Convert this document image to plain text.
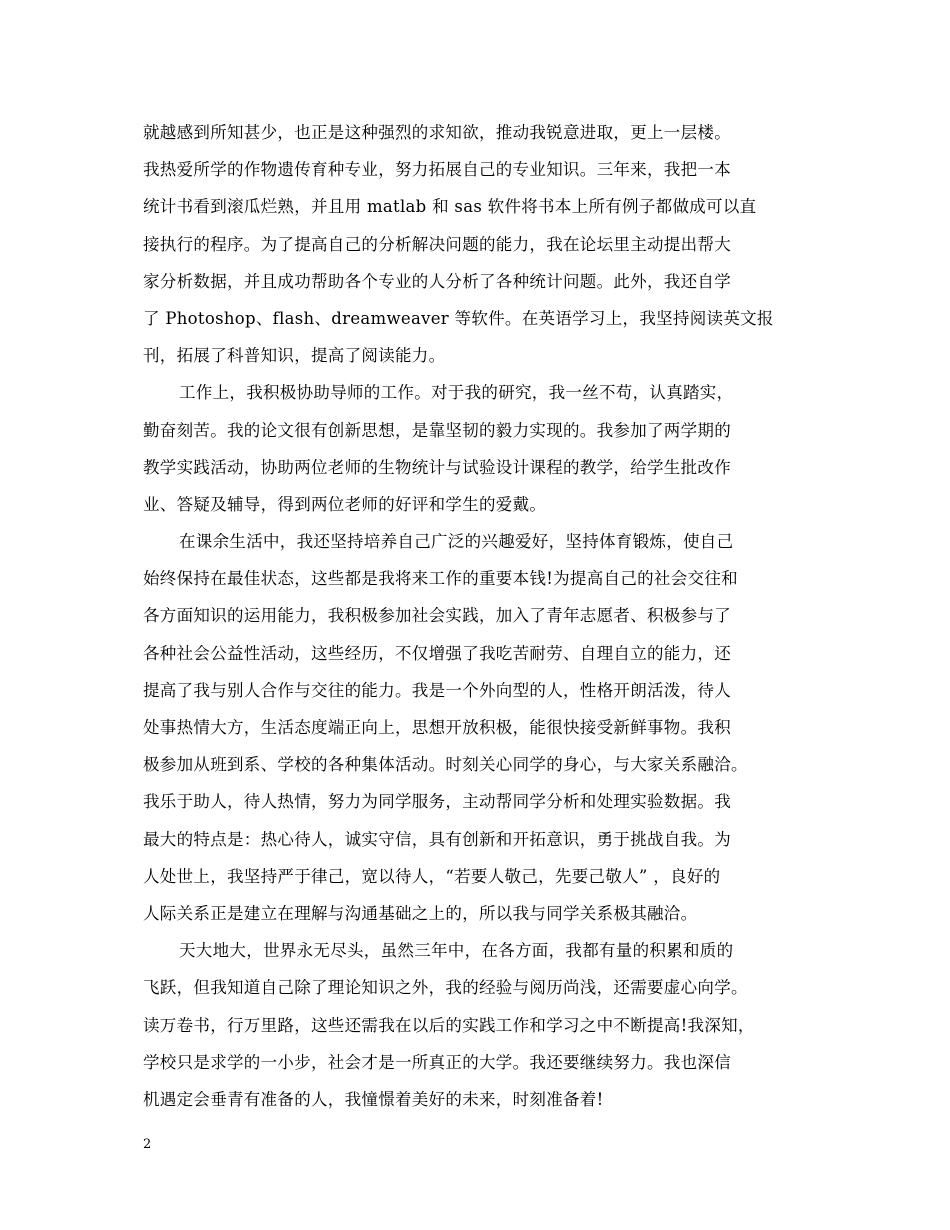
就越感到所知甚少，也正是这种强烈的求知欲，推动我锐意进取，更上一层楼。
我热爱所学的作物遗传育种专业，努力拓展自己的专业知识。三年来，我把一本
统计书看到滚瓜烂熟，并且用 matlab 和 sas 软件将书本上所有例子都做成可以直
接执行的程序。为了提高自己的分析解决问题的能力，我在论坛里主动提出帮大
家分析数据，并且成功帮助各个专业的人分析了各种统计问题。此外，我还自学
了 Photoshop、flash、dreamweaver 等软件。在英语学习上，我坚持阅读英文报
刊，拓展了科普知识，提高了阅读能力。
工作上，我积极协助导师的工作。对于我的研究，我一丝不苟，认真踏实，
勤奋刻苦。我的论文很有创新思想，是靠坚韧的毅力实现的。我参加了两学期的
教学实践活动，协助两位老师的生物统计与试验设计课程的教学，给学生批改作
业、答疑及辅导，得到两位老师的好评和学生的爱戴。
在课余生活中，我还坚持培养自己广泛的兴趣爱好，坚持体育锻炼，使自己
始终保持在最佳状态，这些都是我将来工作的重要本钱!为提高自己的社会交往和
各方面知识的运用能力，我积极参加社会实践，加入了青年志愿者、积极参与了
各种社会公益性活动，这些经历，不仅增强了我吃苦耐劳、自理自立的能力，还
提高了我与别人合作与交往的能力。我是一个外向型的人，性格开朗活泼，待人
处事热情大方，生活态度端正向上，思想开放积极，能很快接受新鲜事物。我积
极参加从班到系、学校的各种集体活动。时刻关心同学的身心，与大家关系融洽。
我乐于助人，待人热情，努力为同学服务，主动帮同学分析和处理实验数据。我
最大的特点是：热心待人，诚实守信，具有创新和开拓意识，勇于挑战自我。为
人处世上，我坚持严于律己，宽以待人，“若要人敬己，先要己敬人” ，良好的
人际关系正是建立在理解与沟通基础之上的，所以我与同学关系极其融洽。
天大地大，世界永无尽头，虽然三年中，在各方面，我都有量的积累和质的
飞跃，但我知道自己除了理论知识之外，我的经验与阅历尚浅，还需要虚心向学。
读万卷书，行万里路，这些还需我在以后的实践工作和学习之中不断提高!我深知，
学校只是求学的一小步，社会才是一所真正的大学。我还要继续努力。我也深信
机遇定会垂青有准备的人，我憧憬着美好的未来，时刻准备着!
2
